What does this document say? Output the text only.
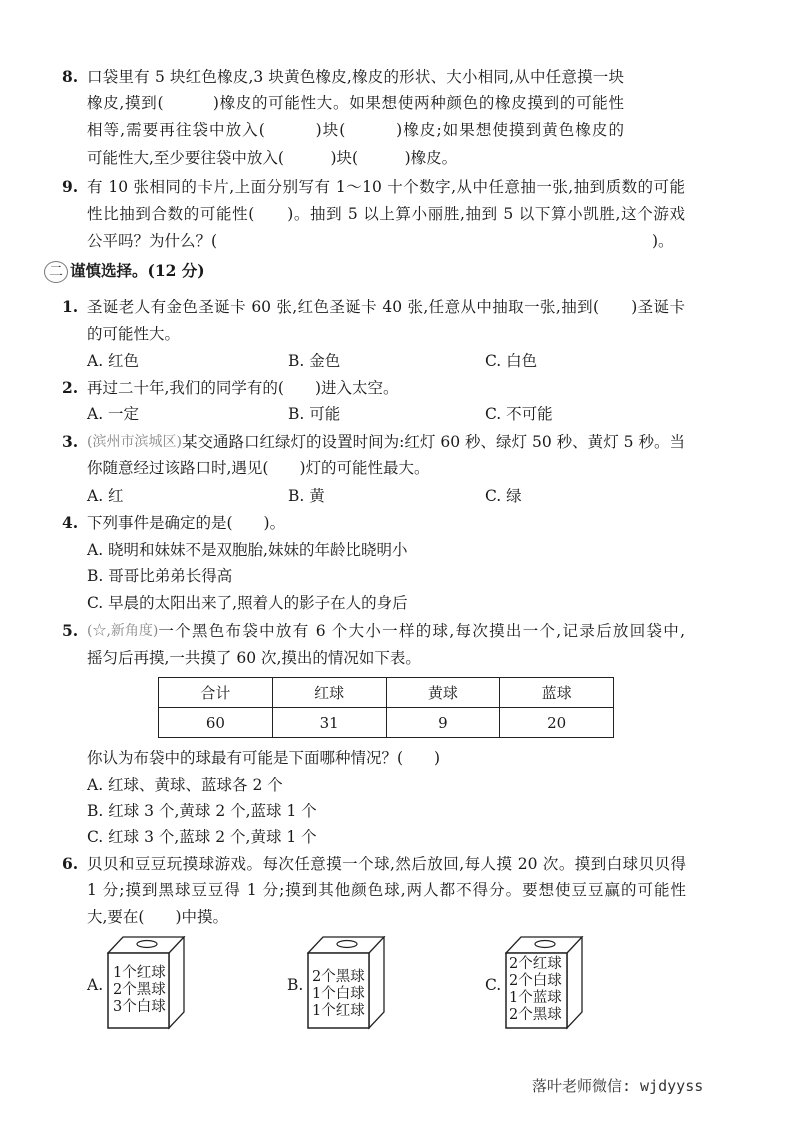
8. 口袋里有 5 块红色橡皮,3 块黄色橡皮,橡皮的形状、大小相同,从中任意摸一块
橡皮,摸到(　　　)橡皮的可能性大。如果想使两种颜色的橡皮摸到的可能性
相等,需要再往袋中放入(　　　)块(　　　)橡皮;如果想使摸到黄色橡皮的
可能性大,至少要往袋中放入(　　　)块(　　　)橡皮。
9. 有 10 张相同的卡片,上面分别写有 1～10 十个数字,从中任意抽一张,抽到质数的可能
性比抽到合数的可能性(　　)。抽到 5 以上算小丽胜,抽到 5 以下算小凯胜,这个游戏
公平吗？为什么？(	)。
二 谨慎选择。(12 分)
1. 圣诞老人有金色圣诞卡 60 张,红色圣诞卡 40 张,任意从中抽取一张,抽到(　　)圣诞卡
的可能性大。
A. 红色	B. 金色	C. 白色
2. 再过二十年,我们的同学有的(　　)进入太空。
A. 一定	B. 可能	C. 不可能
3. (滨州市滨城区) 某交通路口红绿灯的设置时间为:红灯 60 秒、绿灯 50 秒、黄灯 5 秒。当
你随意经过该路口时,遇见(　　)灯的可能性最大。
A. 红	B. 黄	C. 绿
4. 下列事件是确定的是(　　)。
A. 晓明和妹妹不是双胞胎,妹妹的年龄比晓明小
B. 哥哥比弟弟长得高
C. 早晨的太阳出来了,照着人的影子在人的身后
5. (☆,新角度) 一个黑色布袋中放有 6 个大小一样的球,每次摸出一个,记录后放回袋中,
摇匀后再摸,一共摸了 60 次,摸出的情况如下表。
合计	红球	黄球	蓝球
60	31	9	20
你认为布袋中的球最有可能是下面哪种情况？(　　)
A. 红球、黄球、蓝球各 2 个
B. 红球 3 个,黄球 2 个,蓝球 1 个
C. 红球 3 个,蓝球 2 个,黄球 1 个
6. 贝贝和豆豆玩摸球游戏。每次任意摸一个球,然后放回,每人摸 20 次。摸到白球贝贝得
1 分;摸到黑球豆豆得 1 分;摸到其他颜色球,两人都不得分。要想使豆豆赢的可能性
大,要在(　　)中摸。
A.
1个红球
2个黑球
3个白球
B. 2个黑球
1个白球
1个红球
C.
2个红球
2个白球
1个蓝球
2个黑球
落叶老师微信: wjdyyss
